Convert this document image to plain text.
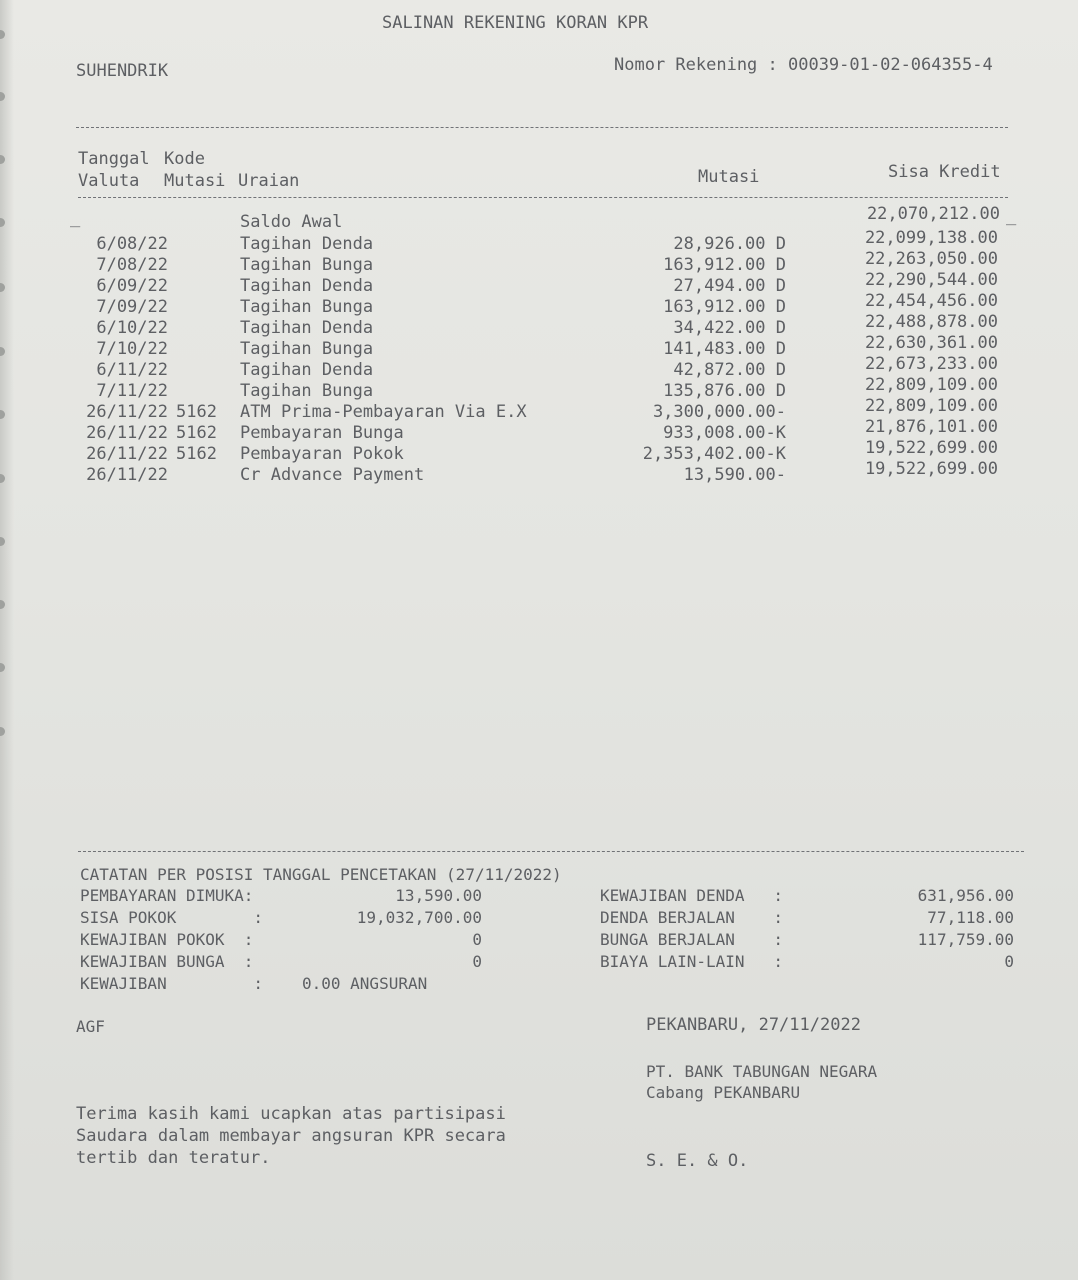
SALINAN REKENING KORAN KPR
SUHENDRIK	Nomor Rekening : 00039-01-02-064355-4
Tanggal Kode
Valuta Mutasi Uraian	Mutasi	Sisa Kredit
_	Saldo Awal	22,070,212.00 _
6/08/22	Tagihan Denda	28,926.00 D	22,099,138.00
7/08/22	Tagihan Bunga	163,912.00 D	22,263,050.00
6/09/22	Tagihan Denda	27,494.00 D	22,290,544.00
7/09/22	Tagihan Bunga	163,912.00 D	22,454,456.00
6/10/22	Tagihan Denda	34,422.00 D	22,488,878.00
7/10/22	Tagihan Bunga	141,483.00 D	22,630,361.00
6/11/22	Tagihan Denda	42,872.00 D	22,673,233.00
7/11/22	Tagihan Bunga	135,876.00 D	22,809,109.00
26/11/22 5162 ATM Prima-Pembayaran Via E.X	3,300,000.00-	22,809,109.00
26/11/22 5162 Pembayaran Bunga	933,008.00-K	21,876,101.00
26/11/22 5162 Pembayaran Pokok	2,353,402.00-K	19,522,699.00
26/11/22	Cr Advance Payment	13,590.00-	19,522,699.00
CATATAN PER POSISI TANGGAL PENCETAKAN (27/11/2022)
PEMBAYARAN DIMUKA:	13,590.00	KEWAJIBAN DENDA   :	631,956.00
SISA POKOK        :	19,032,700.00	DENDA BERJALAN    :	77,118.00
KEWAJIBAN POKOK  :	0	BUNGA BERJALAN    :	117,759.00
KEWAJIBAN BUNGA  :	0	BIAYA LAIN-LAIN   :	0
KEWAJIBAN         : 0.00 ANGSURAN
AGF	PEKANBARU, 27/11/2022
PT. BANK TABUNGAN NEGARA
Cabang PEKANBARU
Terima kasih kami ucapkan atas partisipasi
Saudara dalam membayar angsuran KPR secara
tertib dan teratur.	S. E. & O.
